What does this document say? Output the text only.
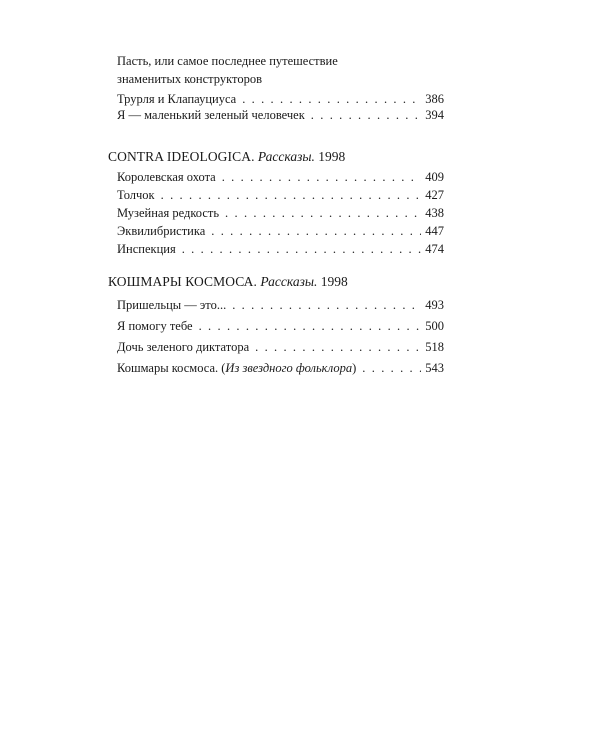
Пасть, или самое последнее путешествие
знаменитых конструкторов
Трурля и Клапауциуса . . .	386
Я — маленький зеленый человечек . . .	394
CONTRA IDEOLOGICA. Рассказы. 1998
Королевская охота . . .	409
Толчок . . .	427
Музейная редкость . . .	438
Эквилибристика . . .	447
Инспекция . . .	474
КОШМАРЫ КОСМОСА. Рассказы. 1998
Пришельцы — это... . . .	493
Я помогу тебе . . .	500
Дочь зеленого диктатора . . .	518
Кошмары космоса. (Из звездного фольклора) . . .	543
